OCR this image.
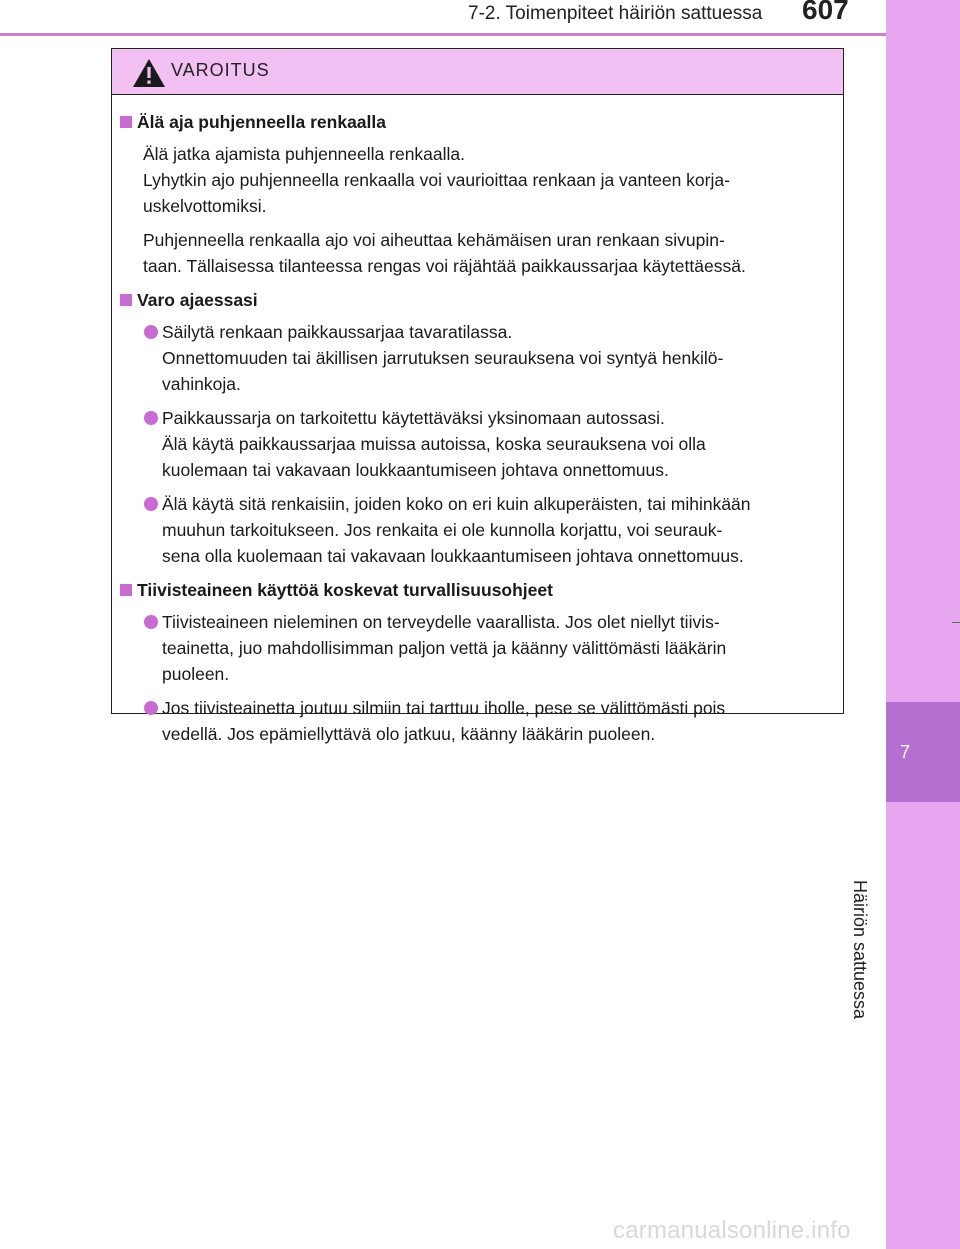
7-2. Toimenpiteet häiriön sattuessa 607
7
Häiriön sattuessa
VAROITUS
Älä aja puhjenneella renkaalla
Älä jatka ajamista puhjenneella renkaalla.
Lyhytkin ajo puhjenneella renkaalla voi vaurioittaa renkaan ja vanteen korja-
uskelvottomiksi.
Puhjenneella renkaalla ajo voi aiheuttaa kehämäisen uran renkaan sivupin-
taan. Tällaisessa tilanteessa rengas voi räjähtää paikkaussarjaa käytettäessä.
Varo ajaessasi
Säilytä renkaan paikkaussarjaa tavaratilassa.
Onnettomuuden tai äkillisen jarrutuksen seurauksena voi syntyä henkilö-
vahinkoja.
Paikkaussarja on tarkoitettu käytettäväksi yksinomaan autossasi.
Älä käytä paikkaussarjaa muissa autoissa, koska seurauksena voi olla
kuolemaan tai vakavaan loukkaantumiseen johtava onnettomuus.
Älä käytä sitä renkaisiin, joiden koko on eri kuin alkuperäisten, tai mihinkään
muuhun tarkoitukseen. Jos renkaita ei ole kunnolla korjattu, voi seurauk-
sena olla kuolemaan tai vakavaan loukkaantumiseen johtava onnettomuus.
Tiivisteaineen käyttöä koskevat turvallisuusohjeet
Tiivisteaineen nieleminen on terveydelle vaarallista. Jos olet niellyt tiivis-
teainetta, juo mahdollisimman paljon vettä ja käänny välittömästi lääkärin
puoleen.
Jos tiivisteainetta joutuu silmiin tai tarttuu iholle, pese se välittömästi pois
vedellä. Jos epämiellyttävä olo jatkuu, käänny lääkärin puoleen.
carmanualsonline.info
